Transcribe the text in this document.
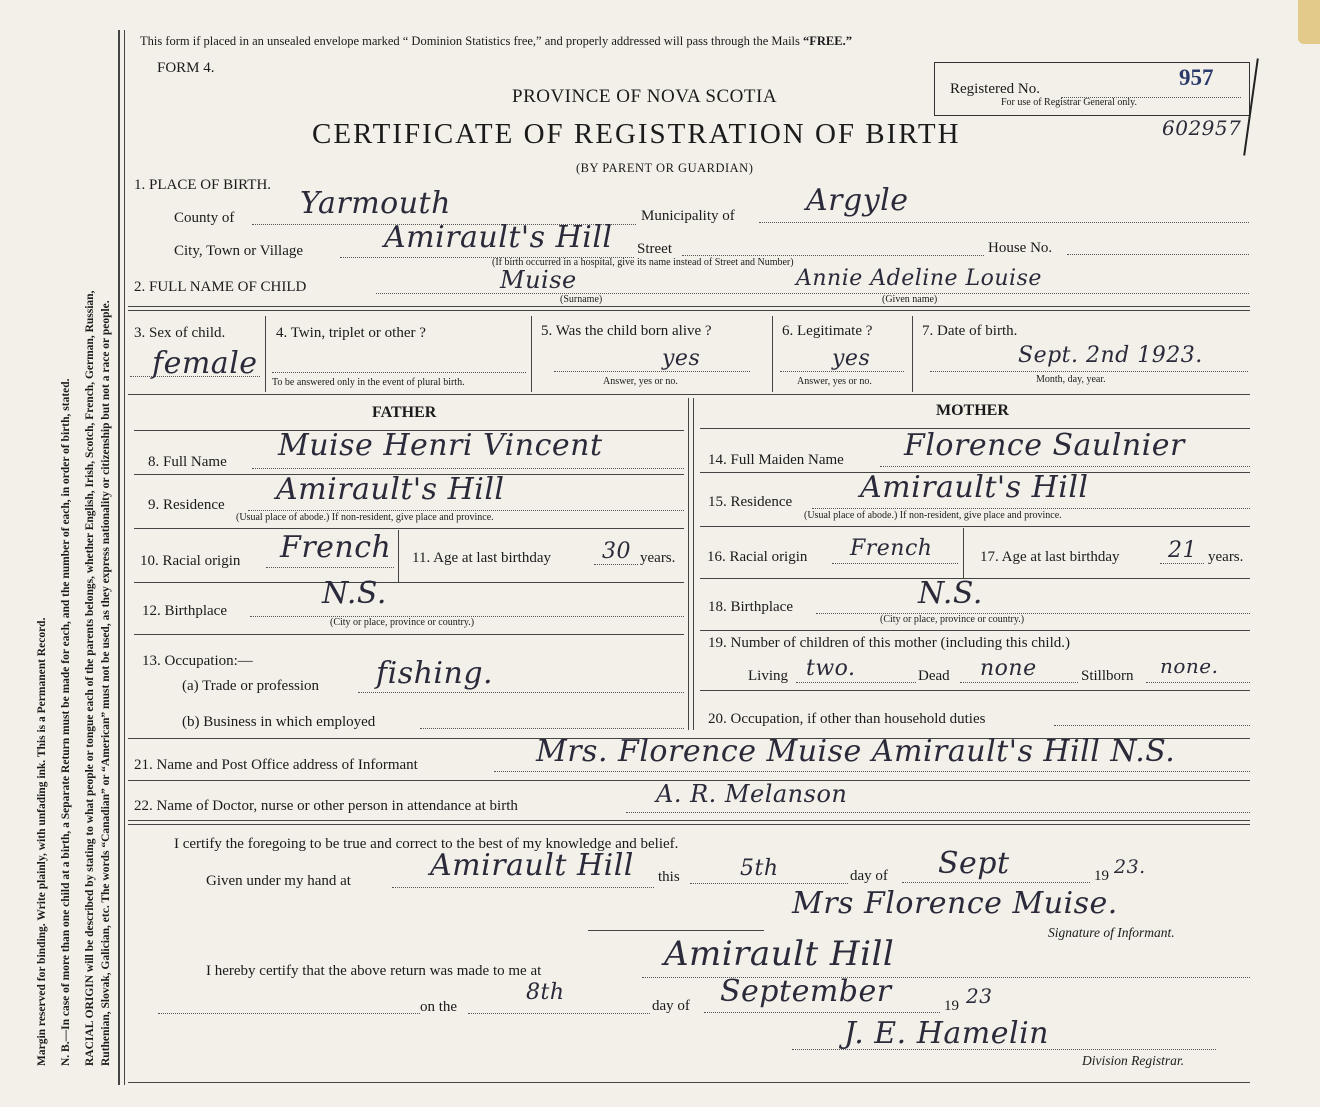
Margin reserved for binding. Write plainly, with unfading ink. This is a Permanent Record. N. B.—In case of more than one child at a birth, a Separate Return must be made for each, and the number of each, in order of birth, stated. RACIAL ORIGIN will be described by stating to what people or tongue each of the parents belongs, whether English, Irish, Scotch, French, German, Russian, Ruthenian, Slovak, Galician, etc. The words “Canadian” or “American” must not be used, as they express nationality or citizenship but not a race or people.
This form if placed in an unsealed envelope marked “ Dominion Statistics free,” and properly addressed will pass through the Mails “FREE.”
FORM 4.
PROVINCE OF NOVA SCOTIA
CERTIFICATE OF REGISTRATION OF BIRTH
(BY PARENT OR GUARDIAN)
Registered No.	957
For use of Registrar General only.
602957
1. PLACE OF BIRTH.
County of Yarmouth	Municipality of Argyle
City, Town or Village	Amirault's Hill Street	House No.
(If birth occurred in a hospital, give its name instead of Street and Number)
2. FULL NAME OF CHILD	Muise	Annie Adeline Louise
(Surname)	(Given name)
3. Sex of child.
female
4. Twin, triplet or other ?
To be answered only in the event of plural birth.
5. Was the child born alive ?
yes
Answer, yes or no.
6. Legitimate ?
yes
Answer, yes or no.
7. Date of birth.
Sept. 2nd 1923.
Month, day, year.
FATHER	MOTHER
8. Full Name Muise Henri Vincent
9. Residence Amirault's Hill
(Usual place of abode.) If non-resident, give place and province.
10. Racial origin French 11. Age at last birthday 30 years.
12. Birthplace	N.S.
(City or place, province or country.)
13. Occupation:—
(a) Trade or profession fishing.
(b) Business in which employed
14. Full Maiden Name Florence Saulnier
15. Residence Amirault's Hill
(Usual place of abode.) If non-resident, give place and province.
16. Racial origin French	17. Age at last birthday 21 years.
18. Birthplace	N.S.
(City or place, province or country.)
19. Number of children of this mother (including this child.)
Living two.	Dead none	Stillborn none.
20. Occupation, if other than household duties
21. Name and Post Office address of Informant	Mrs. Florence Muise Amirault's Hill N.S.
22. Name of Doctor, nurse or other person in attendance at birth	A. R. Melanson
I certify the foregoing to be true and correct to the best of my knowledge and belief.
Given under my hand at	Amirault Hill this	5th	day of Sept	19 23.
Mrs Florence Muise.
Signature of Informant.
I hereby certify that the above return was made to me at	Amirault Hill
on the
8th
day of September	19 23
J. E. Hamelin
Division Registrar.
